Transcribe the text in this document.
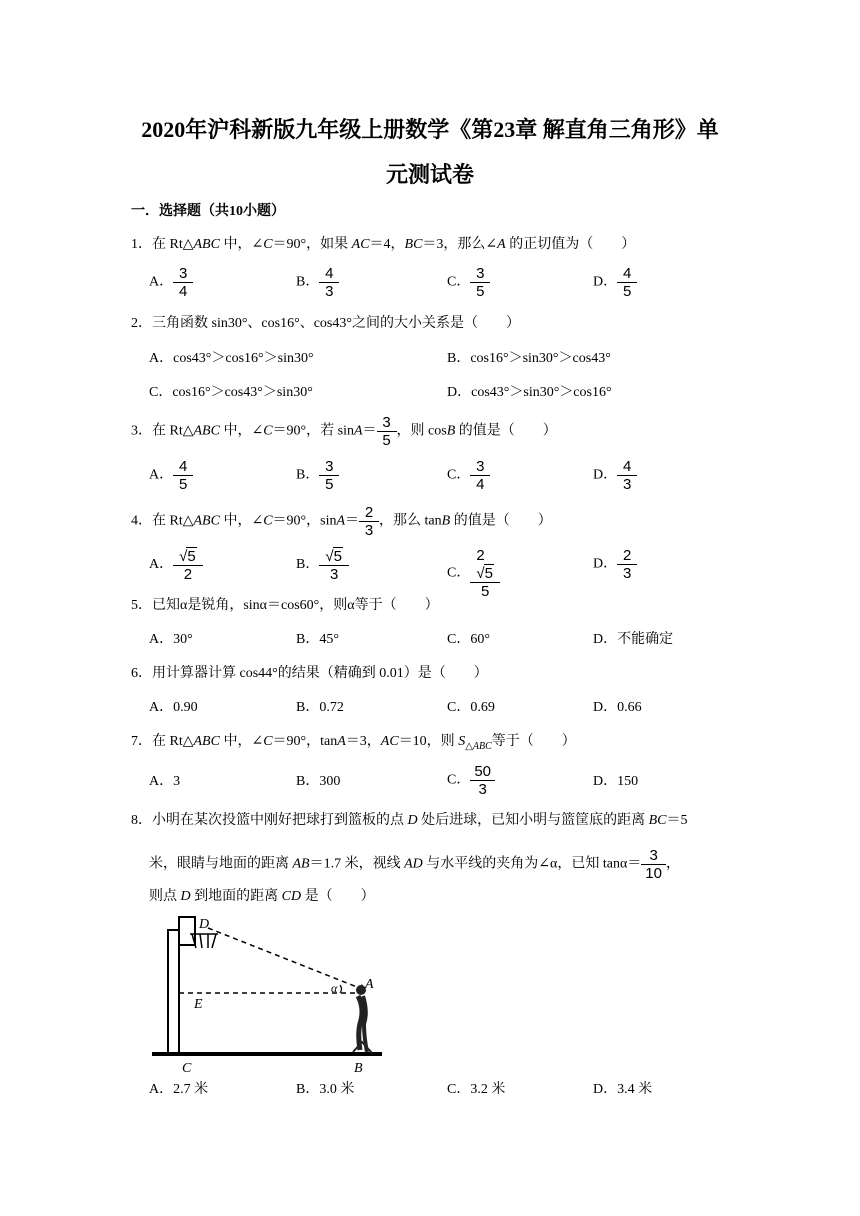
2020年沪科新版九年级上册数学《第23章 解直角三角形》单
元测试卷
一．选择题（共10小题）
1．在 Rt△ABC 中，∠C＝90°，如果 AC＝4，BC＝3，那么∠A 的正切值为（　　）
A． $\frac{3}{4}$	B． $\frac{4}{3}$	C． $\frac{3}{5}$	D． $\frac{4}{5}$
2．三角函数 sin30°、cos16°、cos43°之间的大小关系是（　　）
A．cos43°＞cos16°＞sin30°	B．cos16°＞sin30°＞cos43°
C．cos16°＞cos43°＞sin30°	D．cos43°＞sin30°＞cos16°
3．在 Rt△ABC 中，∠C＝90°，若 $\sin A= \frac{3}{5}$ ，则 cosB 的值是（　　）
A． $\frac{4}{5}$	B． $\frac{3}{5}$	C． $\frac{3}{4}$	D． $\frac{4}{3}$
4．在 Rt△ABC 中，∠C＝90°，$\sin A= \frac{2}{3}$ ，那么 tanB 的值是（　　）
A． $\frac{√5}{2}$	B． $\frac{√5}{3}$	C． 2
√5
5	D． $\frac{2}{3}$
5．已知α是锐角，sinα＝cos60°，则α等于（　　）
A．30°	B．45°	C．60°	D．不能确定
6．用计算器计算 cos44°的结果（精确到 0.01）是（　　）
A．0.90	B．0.72	C．0.69	D．0.66
7．在 Rt△ABC 中，∠C＝90°，tanA＝3，AC＝10，则 $S_{\triangle ABC}$等于（　　）
A．3	B．300	C． $\frac{50}{3}$	D．150
8．小明在某次投篮中刚好把球打到篮板的点 D 处后进球，已知小明与篮筐底的距离 BC＝5
米，眼睛与地面的距离 AB＝1.7 米，视线 AD 与水平线的夹角为∠α，已知 $\tan\alpha= \frac{3}{10}$ ，
则点 D 到地面的距离 CD 是（　　）
D
E
α A
C	B
A．2.7 米	B．3.0 米	C．3.2 米	D．3.4 米
